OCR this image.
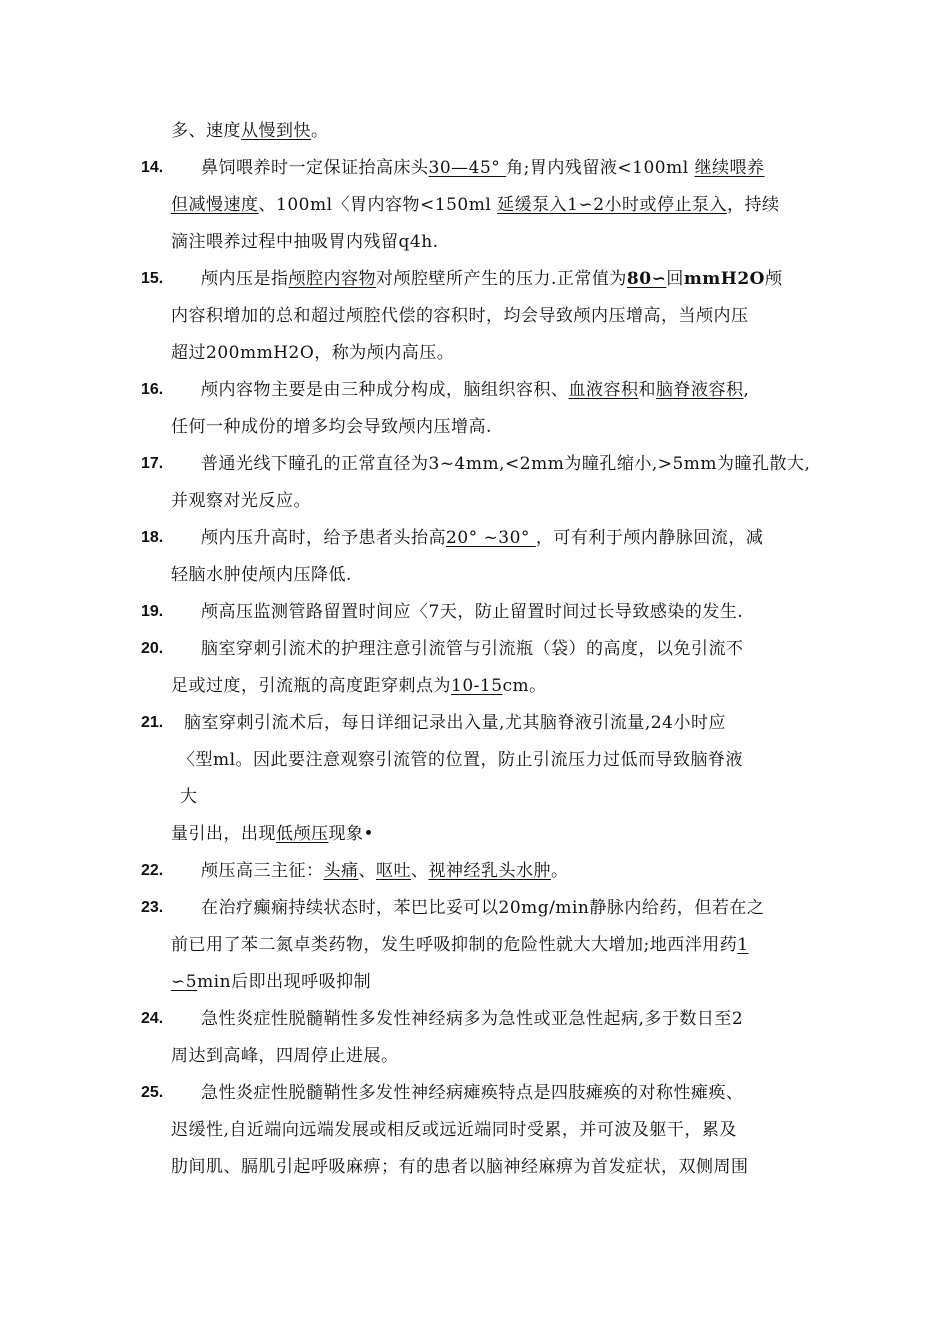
多、速度从慢到快。
14. 鼻饲喂养时一定保证抬高床头30—45° 角;胃内残留液<100ml 继续喂养
但减慢速度、100ml〈胃内容物<150ml 延缓泵入1∽2小时或停止泵入，持续
滴注喂养过程中抽吸胃内残留q4h.
15. 颅内压是指颅腔内容物对颅腔壁所产生的压力.正常值为80∽回mmH2O颅
内容积增加的总和超过颅腔代偿的容积时，均会导致颅内压增高，当颅内压
超过200mmH2O，称为颅内高压。
16. 颅内容物主要是由三种成分构成，脑组织容积、血液容积和脑脊液容积,
任何一种成份的增多均会导致颅内压增高.
17. 普通光线下瞳孔的正常直径为3~4mm,<2mm为瞳孔缩小,>5mm为瞳孔散大,
并观察对光反应。
18. 颅内压升高时，给予患者头抬高20° ~30° ，可有利于颅内静脉回流，减
轻脑水肿使颅内压降低.
19. 颅高压监测管路留置时间应〈7天，防止留置时间过长导致感染的发生.
20. 脑室穿刺引流术的护理注意引流管与引流瓶（袋）的高度，以免引流不
足或过度，引流瓶的高度距穿刺点为10-15cm。
21. 脑室穿刺引流术后，每日详细记录出入量,尤其脑脊液引流量,24小时应
〈型ml。因此要注意观察引流管的位置，防止引流压力过低而导致脑脊液
大
量引出，出现低颅压现象•
22. 颅压高三主征：头痛、呕吐、视神经乳头水肿。
23. 在治疗癫痫持续状态时，苯巴比妥可以20mg/min静脉内给药，但若在之
前已用了苯二氮卓类药物，发生呼吸抑制的危险性就大大增加;地西泮用药1
∽5min后即出现呼吸抑制
24. 急性炎症性脱髓鞘性多发性神经病多为急性或亚急性起病,多于数日至2
周达到高峰，四周停止进展。
25. 急性炎症性脱髓鞘性多发性神经病瘫痪特点是四肢瘫痪的对称性瘫痪、
迟缓性,自近端向远端发展或相反或远近端同时受累，并可波及躯干，累及
肋间肌、膈肌引起呼吸麻痹；有的患者以脑神经麻痹为首发症状，双侧周围
